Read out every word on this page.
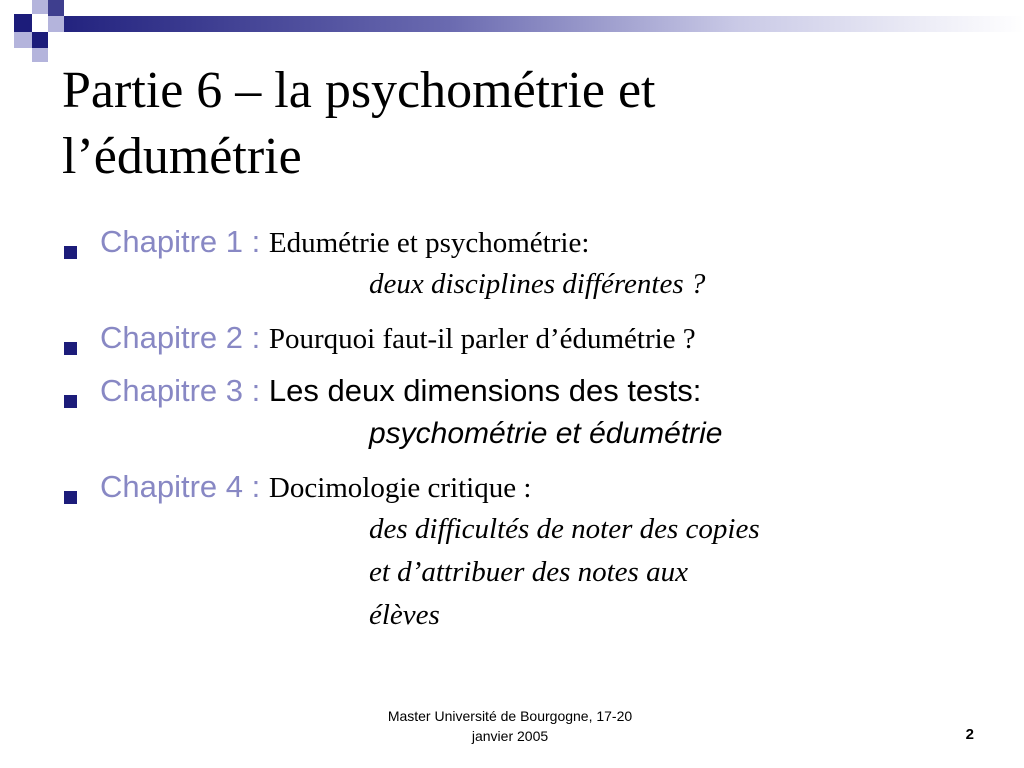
Partie 6 – la psychométrie et
l’édumétrie
Chapitre 1 : Edumétrie et psychométrie:
deux disciplines différentes ?
Chapitre 2 : Pourquoi faut-il parler d’édumétrie ?
Chapitre 3 : Les deux dimensions des tests:
psychométrie et édumétrie
Chapitre 4 : Docimologie critique :
des difficultés de noter des copies
et d’attribuer des notes aux
élèves
Master Université de Bourgogne, 17-20
janvier 2005	2
